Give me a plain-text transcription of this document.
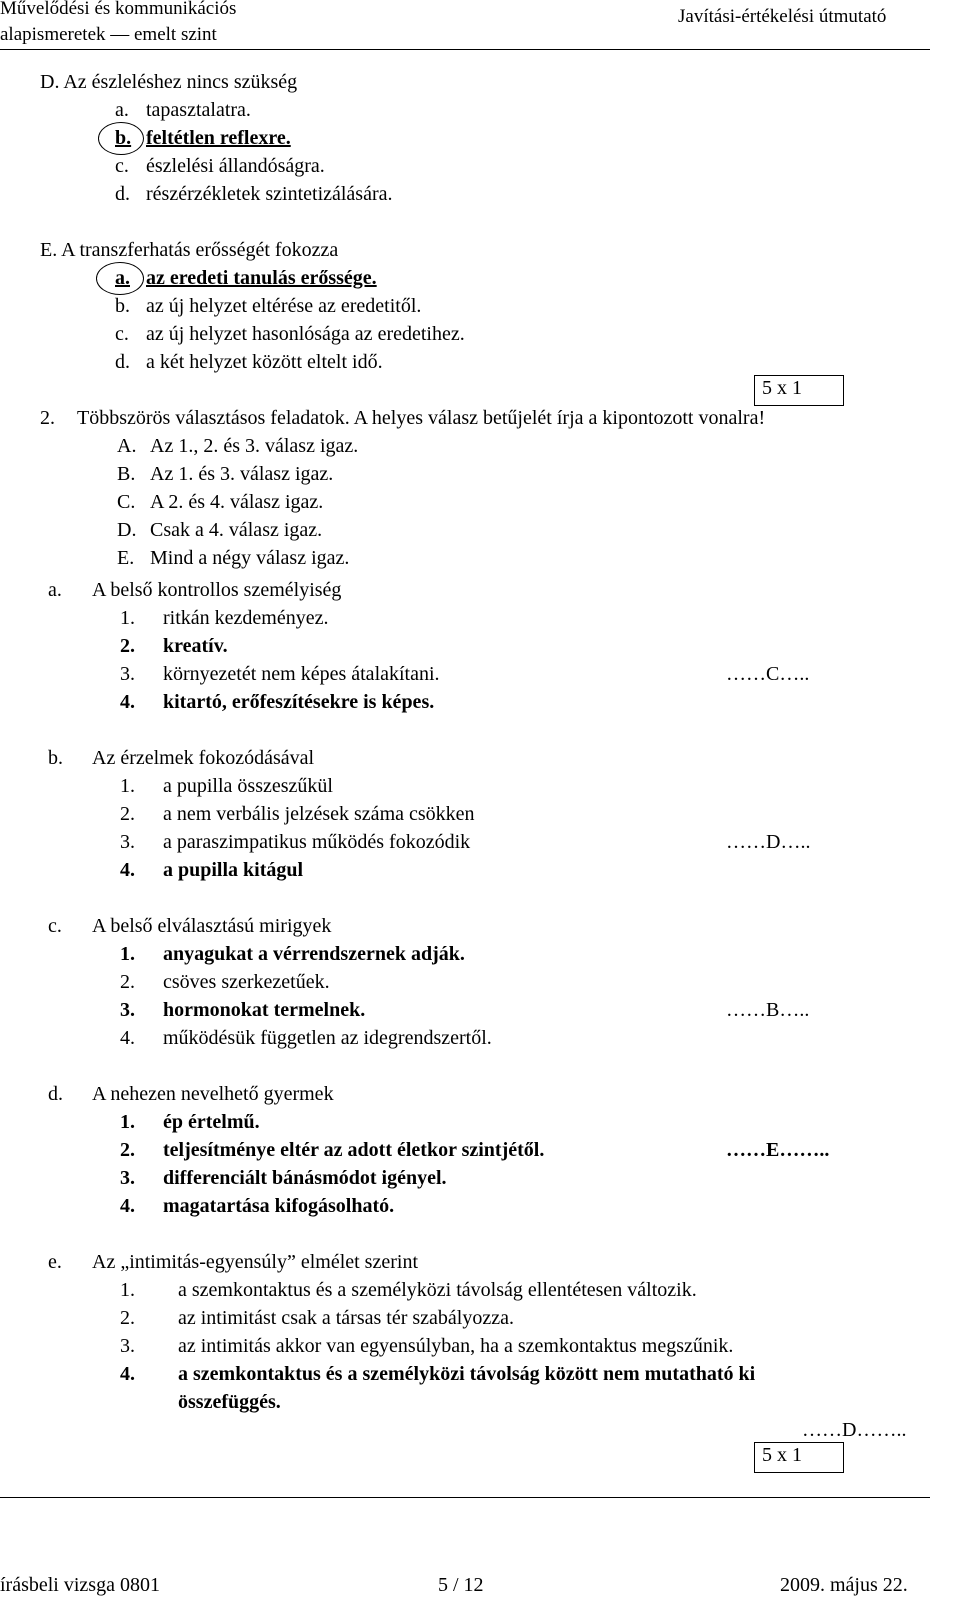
Művelődési és kommunikációs
alapismeretek — emelt szint
Javítási-értékelési útmutató
D. Az észleléshez nincs szükség
a. tapasztalatra.
b. feltétlen reflexre.
c. észlelési állandóságra.
d. részérzékletek szintetizálására.
E. A transzferhatás erősségét fokozza
a. az eredeti tanulás erőssége.
b. az új helyzet eltérése az eredetitől.
c. az új helyzet hasonlósága az eredetihez.
d. a két helyzet között eltelt idő.
5 x 1
2. Többszörös választásos feladatok. A helyes válasz betűjelét írja a kipontozott vonalra!
A. Az 1., 2. és 3. válasz igaz.
B. Az 1. és 3. válasz igaz.
C. A 2. és 4. válasz igaz.
D. Csak a 4. válasz igaz.
E. Mind a négy válasz igaz.
a. A belső kontrollos személyiség
1. ritkán kezdeményez.
2. kreatív.
3. környezetét nem képes átalakítani.	……C…..
4. kitartó, erőfeszítésekre is képes.
b. Az érzelmek fokozódásával
1. a pupilla összeszűkül
2. a nem verbális jelzések száma csökken
3. a paraszimpatikus működés fokozódik	……D…..
4. a pupilla kitágul
c. A belső elválasztású mirigyek
1. anyagukat a vérrendszernek adják.
2. csöves szerkezetűek.
3. hormonokat termelnek.	……B…..
4. működésük független az idegrendszertől.
d. A nehezen nevelhető gyermek
1. ép értelmű.
2. teljesítménye eltér az adott életkor szintjétől.	……E……..
3. differenciált bánásmódot igényel.
4. magatartása kifogásolható.
e. Az „intimitás-egyensúly” elmélet szerint
1. a szemkontaktus és a személyközi távolság ellentétesen változik.
2. az intimitást csak a társas tér szabályozza.
3. az intimitás akkor van egyensúlyban, ha a szemkontaktus megszűnik.
4. a szemkontaktus és a személyközi távolság között nem mutatható ki
összefüggés.
……D……..
5 x 1
írásbeli vizsga 0801	5 / 12	2009. május 22.
